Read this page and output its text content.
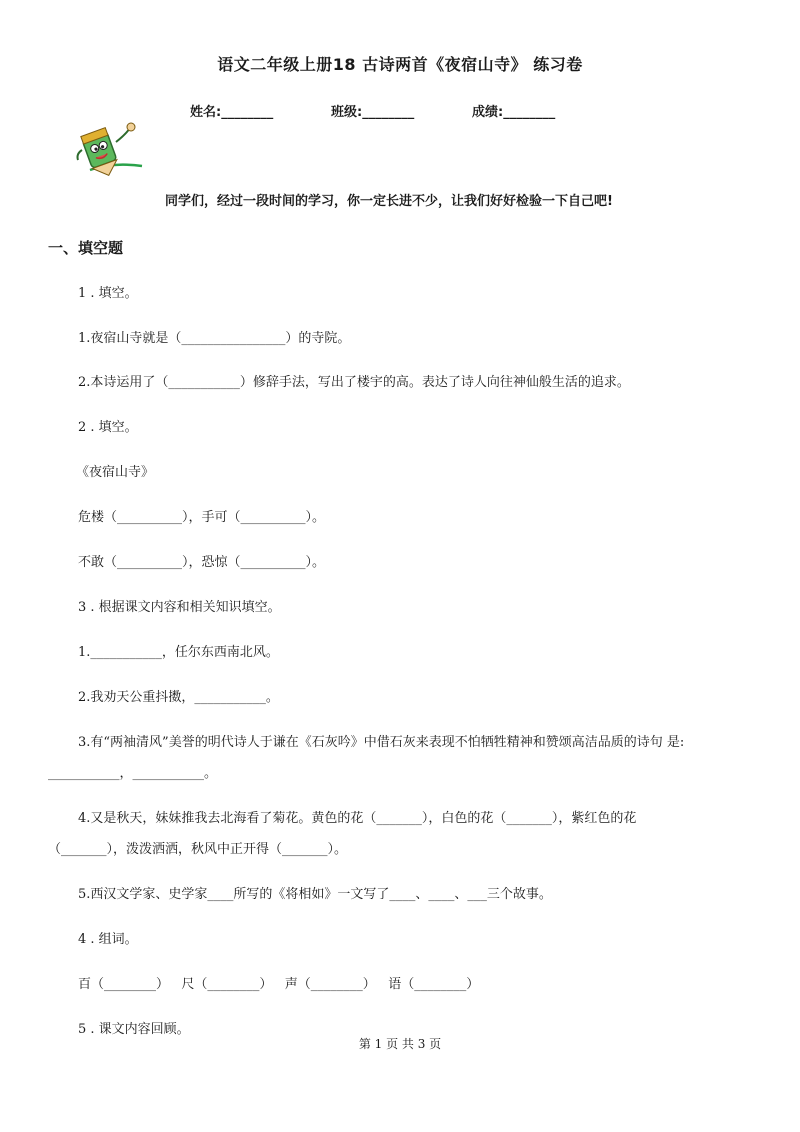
语文二年级上册18 古诗两首《夜宿山寺》 练习卷
姓名:________	班级:________	成绩:________
同学们，经过一段时间的学习，你一定长进不少，让我们好好检验一下自己吧!
一、填空题
1 . 填空。
1.夜宿山寺就是（________________）的寺院。
2.本诗运用了（___________）修辞手法，写出了楼宇的高。表达了诗人向往神仙般生活的追求。
2 . 填空。
《夜宿山寺》
危楼（__________），手可（__________）。
不敢（__________），恐惊（__________）。
3 . 根据课文内容和相关知识填空。
1.___________，任尔东西南北风。
2.我劝天公重抖擞，___________。
3.有“两袖清风”美誉的明代诗人于谦在《石灰吟》中借石灰来表现不怕牺牲精神和赞颂高洁品质的诗句 是:
___________，___________。
4.又是秋天，妹妹推我去北海看了菊花。黄色的花（_______），白色的花（_______），紫红色的花
（_______），泼泼洒洒，秋风中正开得（_______）。
5.西汉文学家、史学家____所写的《将相如》一文写了____、____、___三个故事。
4 . 组词。
百（________）   尺（________）   声（________）   语（________）
5 . 课文内容回顾。
第 1 页 共 3 页
